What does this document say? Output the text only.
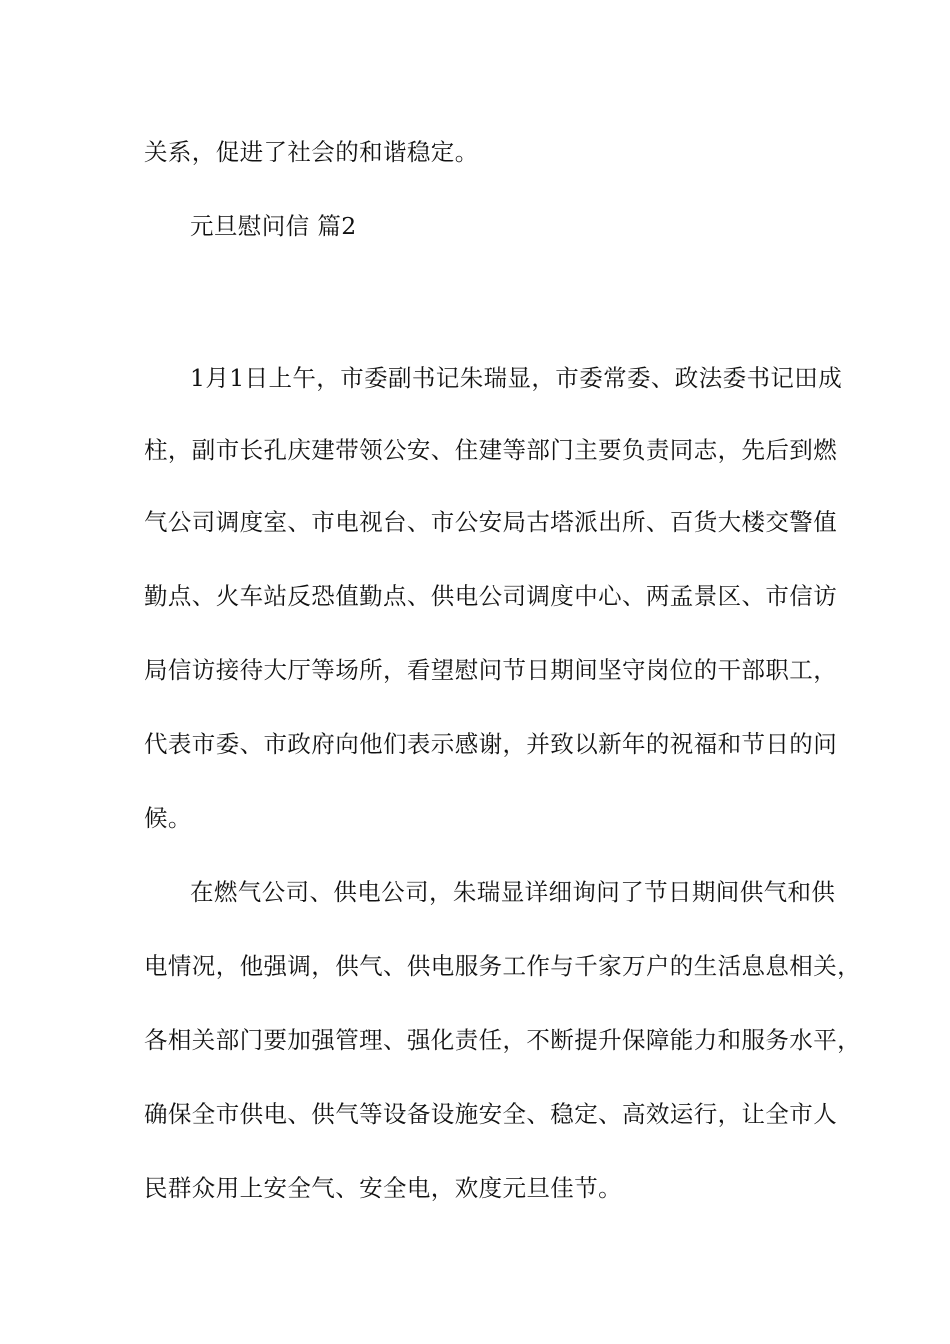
关系，促进了社会的和谐稳定。
元旦慰问信 篇2
1月1日上午，市委副书记朱瑞显，市委常委、政法委书记田成
柱，副市长孔庆建带领公安、住建等部门主要负责同志，先后到燃
气公司调度室、市电视台、市公安局古塔派出所、百货大楼交警值
勤点、火车站反恐值勤点、供电公司调度中心、两孟景区、市信访
局信访接待大厅等场所，看望慰问节日期间坚守岗位的干部职工，
代表市委、市政府向他们表示感谢，并致以新年的祝福和节日的问
候。
在燃气公司、供电公司，朱瑞显详细询问了节日期间供气和供
电情况，他强调，供气、供电服务工作与千家万户的生活息息相关，
各相关部门要加强管理、强化责任，不断提升保障能力和服务水平，
确保全市供电、供气等设备设施安全、稳定、高效运行，让全市人
民群众用上安全气、安全电，欢度元旦佳节。
